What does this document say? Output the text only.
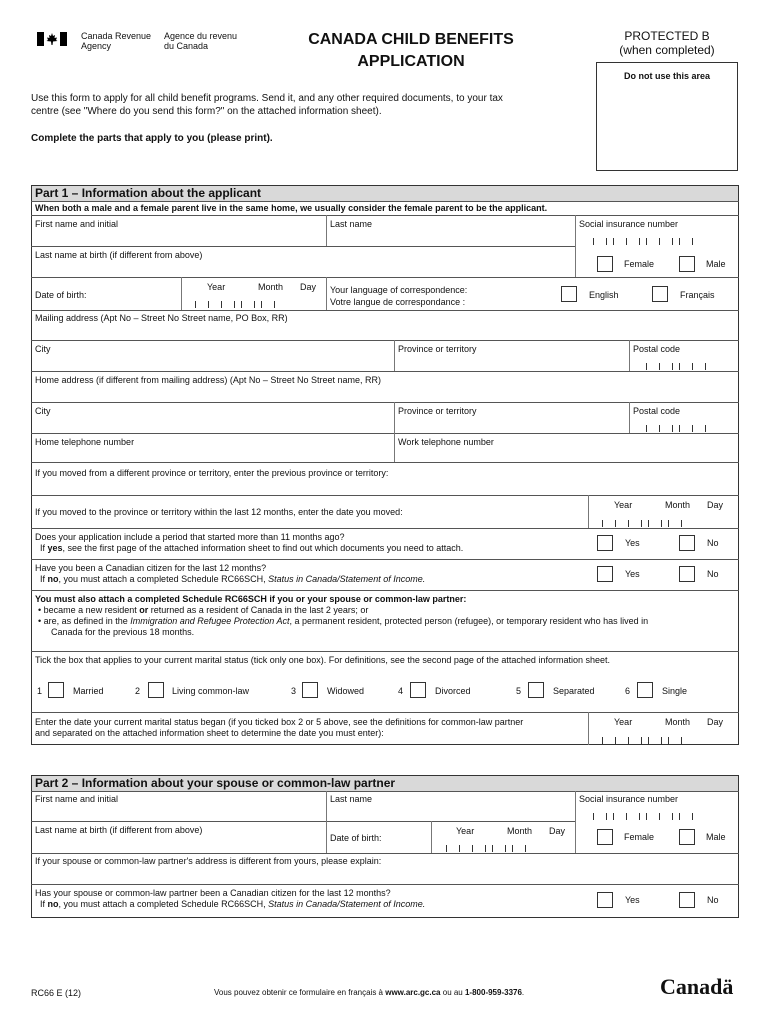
Canada Revenue
Agency
Agence du revenu
du Canada	CANADA CHILD BENEFITS
APPLICATION
PROTECTED B
(when completed)
Do not use this area
Use this form to apply for all child benefit programs. Send it, and any other required documents, to your tax
centre (see "Where do you send this form?" on the attached information sheet).
Complete the parts that apply to you (please print).
Part 1 – Information about the applicant
When both a male and a female parent live in the same home, we usually consider the female parent to be the applicant.
First name and initial	Last name	Social insurance number
Last name at birth (if different from above)
Female	Male
Date of birth:
Year	Month Day Your language of correspondence:
Votre langue de correspondance :
English	Français
Mailing address (Apt No – Street No Street name, PO Box, RR)
City	Province or territory	Postal code
Home address (if different from mailing address) (Apt No – Street No Street name, RR)
City	Province or territory	Postal code
Home telephone number	Work telephone number
If you moved from a different province or territory, enter the previous province or territory:
If you moved to the province or territory within the last 12 months, enter the date you moved:
Year	Month Day
Does your application include a period that started more than 11 months ago?
If yes, see the first page of the attached information sheet to find out which documents you need to attach.	Yes	No
Have you been a Canadian citizen for the last 12 months?
If no, you must attach a completed Schedule RC66SCH, Status in Canada/Statement of Income.	Yes	No
You must also attach a completed Schedule RC66SCH if you or your spouse or common-law partner:
• became a new resident or returned as a resident of Canada in the last 2 years; or
• are, as defined in the Immigration and Refugee Protection Act, a permanent resident, protected person (refugee), or temporary resident who has lived in
Canada for the previous 18 months.
Tick the box that applies to your current marital status (tick only one box). For definitions, see the second page of the attached information sheet.
1	Married	2	Living common-law	3	Widowed	4	Divorced	5	Separated	6	Single
Enter the date your current marital status began (if you ticked box 2 or 5 above, see the definitions for common-law partner
and separated on the attached information sheet to determine the date you must enter):
Year	Month Day
Part 2 – Information about your spouse or common-law partner
First name and initial	Last name	Social insurance number
Last name at birth (if different from above)
Date of birth:
Year	Month Day
Female	Male
If your spouse or common-law partner's address is different from yours, please explain:
Has your spouse or common-law partner been a Canadian citizen for the last 12 months?
If no, you must attach a completed Schedule RC66SCH, Status in Canada/Statement of Income.	Yes	No
RC66 E (12)	Vous pouvez obtenir ce formulaire en français à www.arc.gc.ca ou au 1-800-959-3376.	Canadä
